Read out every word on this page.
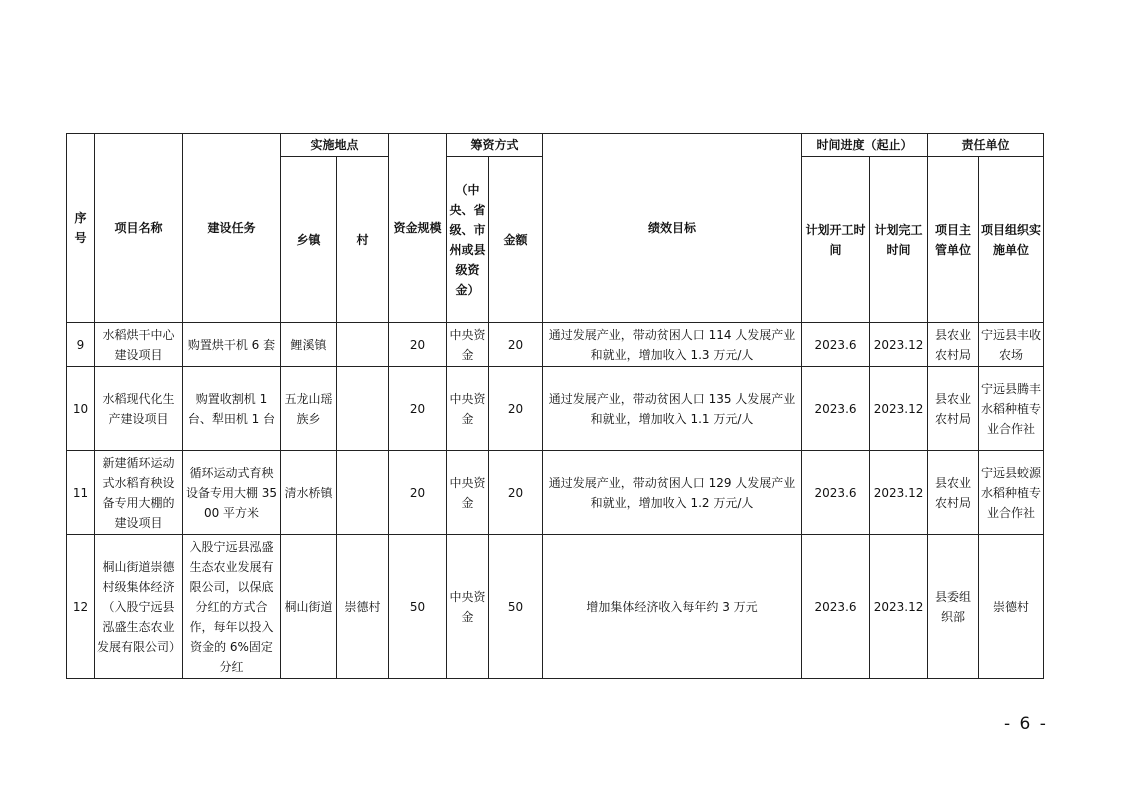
序号	项目名称	建设任务	实施地点		资金规模	筹资方式		绩效目标	时间进度（起止）		责任单位	
			乡镇	村		（中央、省级、市州或县级资金）	金额		计划开工时间	计划完工时间	项目主管单位	项目组织实施单位
9	水稻烘干中心建设项目	购置烘干机 6 套	鲤溪镇		20	中央资金	20	通过发展产业，带动贫困人口 114 人发展产业和就业，增加收入 1.3 万元/人	2023.6	2023.12	县农业农村局	宁远县丰收农场
10	水稻现代化生产建设项目	购置收割机 1 台、犁田机 1 台	五龙山瑶族乡		20	中央资金	20	通过发展产业，带动贫困人口 135 人发展产业和就业，增加收入 1.1 万元/人	2023.6	2023.12	县农业农村局	宁远县腾丰水稻种植专业合作社
11	新建循环运动式水稻育秧设备专用大棚的建设项目	循环运动式育秧设备专用大棚 3500 平方米	清水桥镇		20	中央资金	20	通过发展产业，带动贫困人口 129 人发展产业和就业，增加收入 1.2 万元/人	2023.6	2023.12	县农业农村局	宁远县蛟源水稻种植专业合作社
12	桐山街道崇德村级集体经济（入股宁远县泓盛生态农业发展有限公司）	入股宁远县泓盛生态农业发展有限公司，以保底分红的方式合作，每年以投入资金的 6%固定分红	桐山街道	崇德村	50	中央资金	50	增加集体经济收入每年约 3 万元	2023.6	2023.12	县委组织部	崇德村
- 6 -
